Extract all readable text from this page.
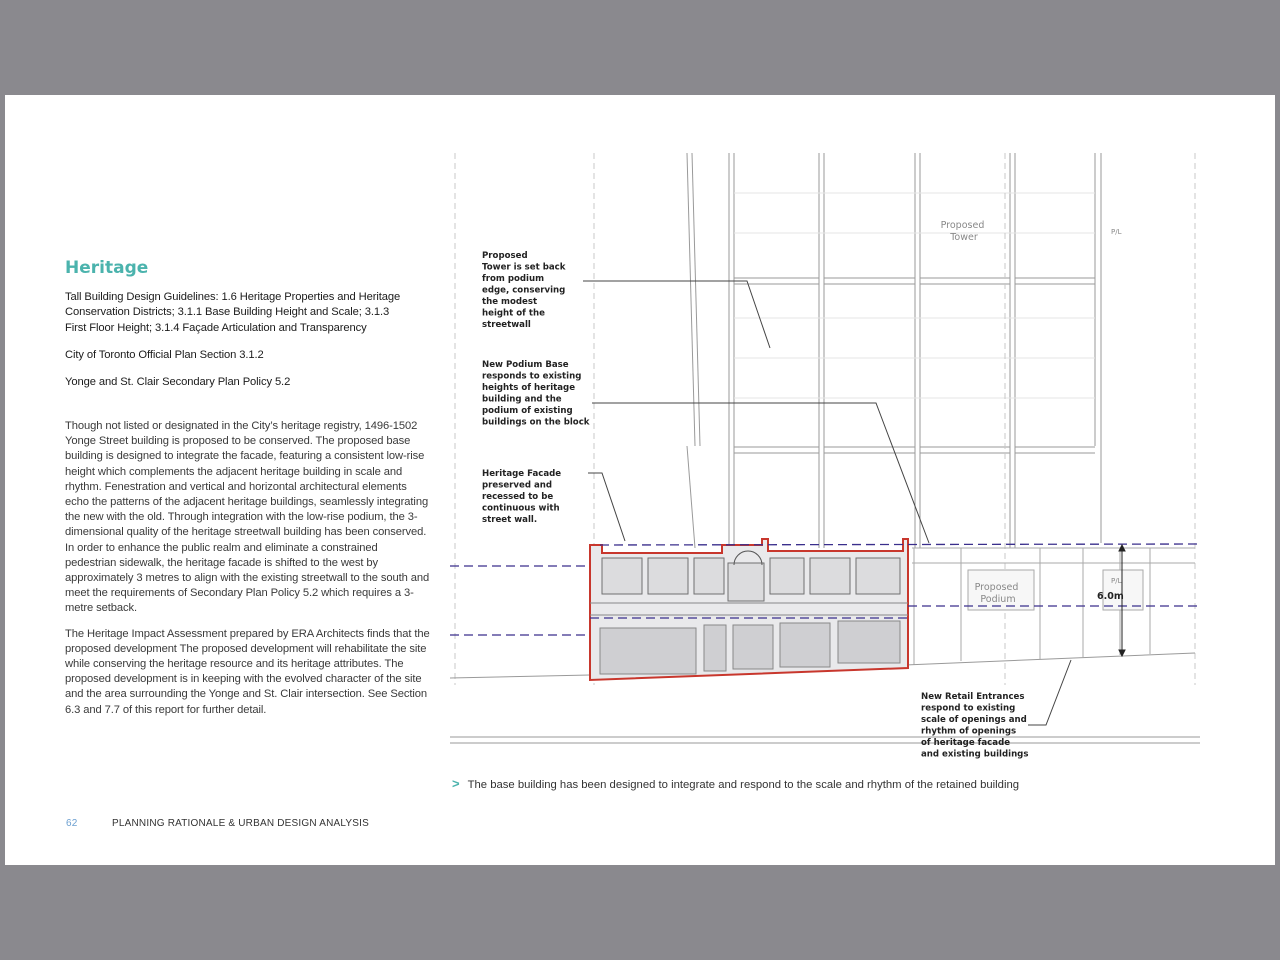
Heritage

Tall Building Design Guidelines: 1.6 Heritage Properties and Heritage Conservation Districts; 3.1.1 Base Building Height and Scale; 3.1.3 First Floor Height; 3.1.4 Façade Articulation and Transparency

City of Toronto Official Plan Section 3.1.2

Yonge and St. Clair Secondary Plan Policy 5.2

Though not listed or designated in the City’s heritage registry, 1496-1502 Yonge Street building is proposed to be conserved. The proposed base building is designed to integrate the facade, featuring a consistent low-rise height which complements the adjacent heritage building in scale and rhythm. Fenestration and vertical and horizontal architectural elements echo the patterns of the adjacent heritage buildings, seamlessly integrating the new with the old. Through integration with the low-rise podium, the 3-dimensional quality of the heritage streetwall building has been conserved. In order to enhance the public realm and eliminate a constrained pedestrian sidewalk, the heritage facade is shifted to the west by approximately 3 metres to align with the existing streetwall to the south and meet the requirements of Secondary Plan Policy 5.2 which requires a 3-metre setback.

The Heritage Impact Assessment prepared by ERA Architects finds that the proposed development The proposed development will rehabilitate the site while conserving the heritage resource and its heritage attributes. The proposed development is in keeping with the evolved character of the site and the area surrounding the Yonge and St. Clair intersection. See Section 6.3 and 7.7 of this report for further detail.

Proposed Tower is set back from podium edge, conserving the modest height of the streetwall
New Podium Base responds to existing heights of heritage building and the podium of existing buildings on the block
Heritage Facade preserved and recessed to be continuous with street wall.
New Retail Entrances respond to existing scale of openings and rhythm of openings of heritage facade and existing buildings
Proposed Tower
Proposed Podium
P/L
P/L
6.0m
> The base building has been designed to integrate and respond to the scale and rhythm of the retained building
62	PLANNING RATIONALE & URBAN DESIGN ANALYSIS
